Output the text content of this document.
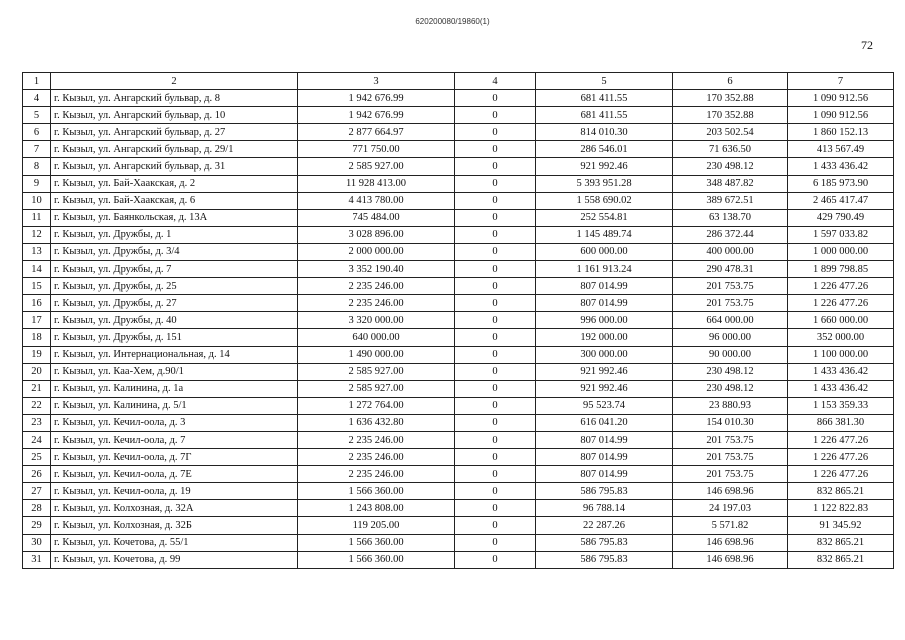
620200080/19860(1)
72
1	2	3	4	5	6	7
4	г. Кызыл, ул. Ангарский бульвар, д. 8	1 942 676.99	0	681 411.55	170 352.88	1 090 912.56
5	г. Кызыл, ул. Ангарский бульвар, д. 10	1 942 676.99	0	681 411.55	170 352.88	1 090 912.56
6	г. Кызыл, ул. Ангарский бульвар, д. 27	2 877 664.97	0	814 010.30	203 502.54	1 860 152.13
7	г. Кызыл, ул. Ангарский бульвар, д. 29/1	771 750.00	0	286 546.01	71 636.50	413 567.49
8	г. Кызыл, ул. Ангарский бульвар, д. 31	2 585 927.00	0	921 992.46	230 498.12	1 433 436.42
9	г. Кызыл, ул. Бай-Хаакская, д. 2	11 928 413.00	0	5 393 951.28	348 487.82	6 185 973.90
10	г. Кызыл, ул. Бай-Хаакская, д. 6	4 413 780.00	0	1 558 690.02	389 672.51	2 465 417.47
11	г. Кызыл, ул. Баянкольская, д. 13А	745 484.00	0	252 554.81	63 138.70	429 790.49
12	г. Кызыл, ул. Дружбы, д. 1	3 028 896.00	0	1 145 489.74	286 372.44	1 597 033.82
13	г. Кызыл, ул. Дружбы, д. 3/4	2 000 000.00	0	600 000.00	400 000.00	1 000 000.00
14	г. Кызыл, ул. Дружбы, д. 7	3 352 190.40	0	1 161 913.24	290 478.31	1 899 798.85
15	г. Кызыл, ул. Дружбы, д. 25	2 235 246.00	0	807 014.99	201 753.75	1 226 477.26
16	г. Кызыл, ул. Дружбы, д. 27	2 235 246.00	0	807 014.99	201 753.75	1 226 477.26
17	г. Кызыл, ул. Дружбы, д. 40	3 320 000.00	0	996 000.00	664 000.00	1 660 000.00
18	г. Кызыл, ул. Дружбы, д. 151	640 000.00	0	192 000.00	96 000.00	352 000.00
19	г. Кызыл, ул. Интернациональная, д. 14	1 490 000.00	0	300 000.00	90 000.00	1 100 000.00
20	г. Кызыл, ул. Каа-Хем, д.90/1	2 585 927.00	0	921 992.46	230 498.12	1 433 436.42
21	г. Кызыл, ул. Калинина, д. 1а	2 585 927.00	0	921 992.46	230 498.12	1 433 436.42
22	г. Кызыл, ул. Калинина, д. 5/1	1 272 764.00	0	95 523.74	23 880.93	1 153 359.33
23	г. Кызыл, ул. Кечил-оола, д. 3	1 636 432.80	0	616 041.20	154 010.30	866 381.30
24	г. Кызыл, ул. Кечил-оола, д. 7	2 235 246.00	0	807 014.99	201 753.75	1 226 477.26
25	г. Кызыл, ул. Кечил-оола, д. 7Г	2 235 246.00	0	807 014.99	201 753.75	1 226 477.26
26	г. Кызыл, ул. Кечил-оола, д. 7Е	2 235 246.00	0	807 014.99	201 753.75	1 226 477.26
27	г. Кызыл, ул. Кечил-оола, д. 19	1 566 360.00	0	586 795.83	146 698.96	832 865.21
28	г. Кызыл, ул. Колхозная, д. 32А	1 243 808.00	0	96 788.14	24 197.03	1 122 822.83
29	г. Кызыл, ул. Колхозная, д. 32Б	119 205.00	0	22 287.26	5 571.82	91 345.92
30	г. Кызыл, ул. Кочетова, д. 55/1	1 566 360.00	0	586 795.83	146 698.96	832 865.21
31	г. Кызыл, ул. Кочетова, д. 99	1 566 360.00	0	586 795.83	146 698.96	832 865.21
